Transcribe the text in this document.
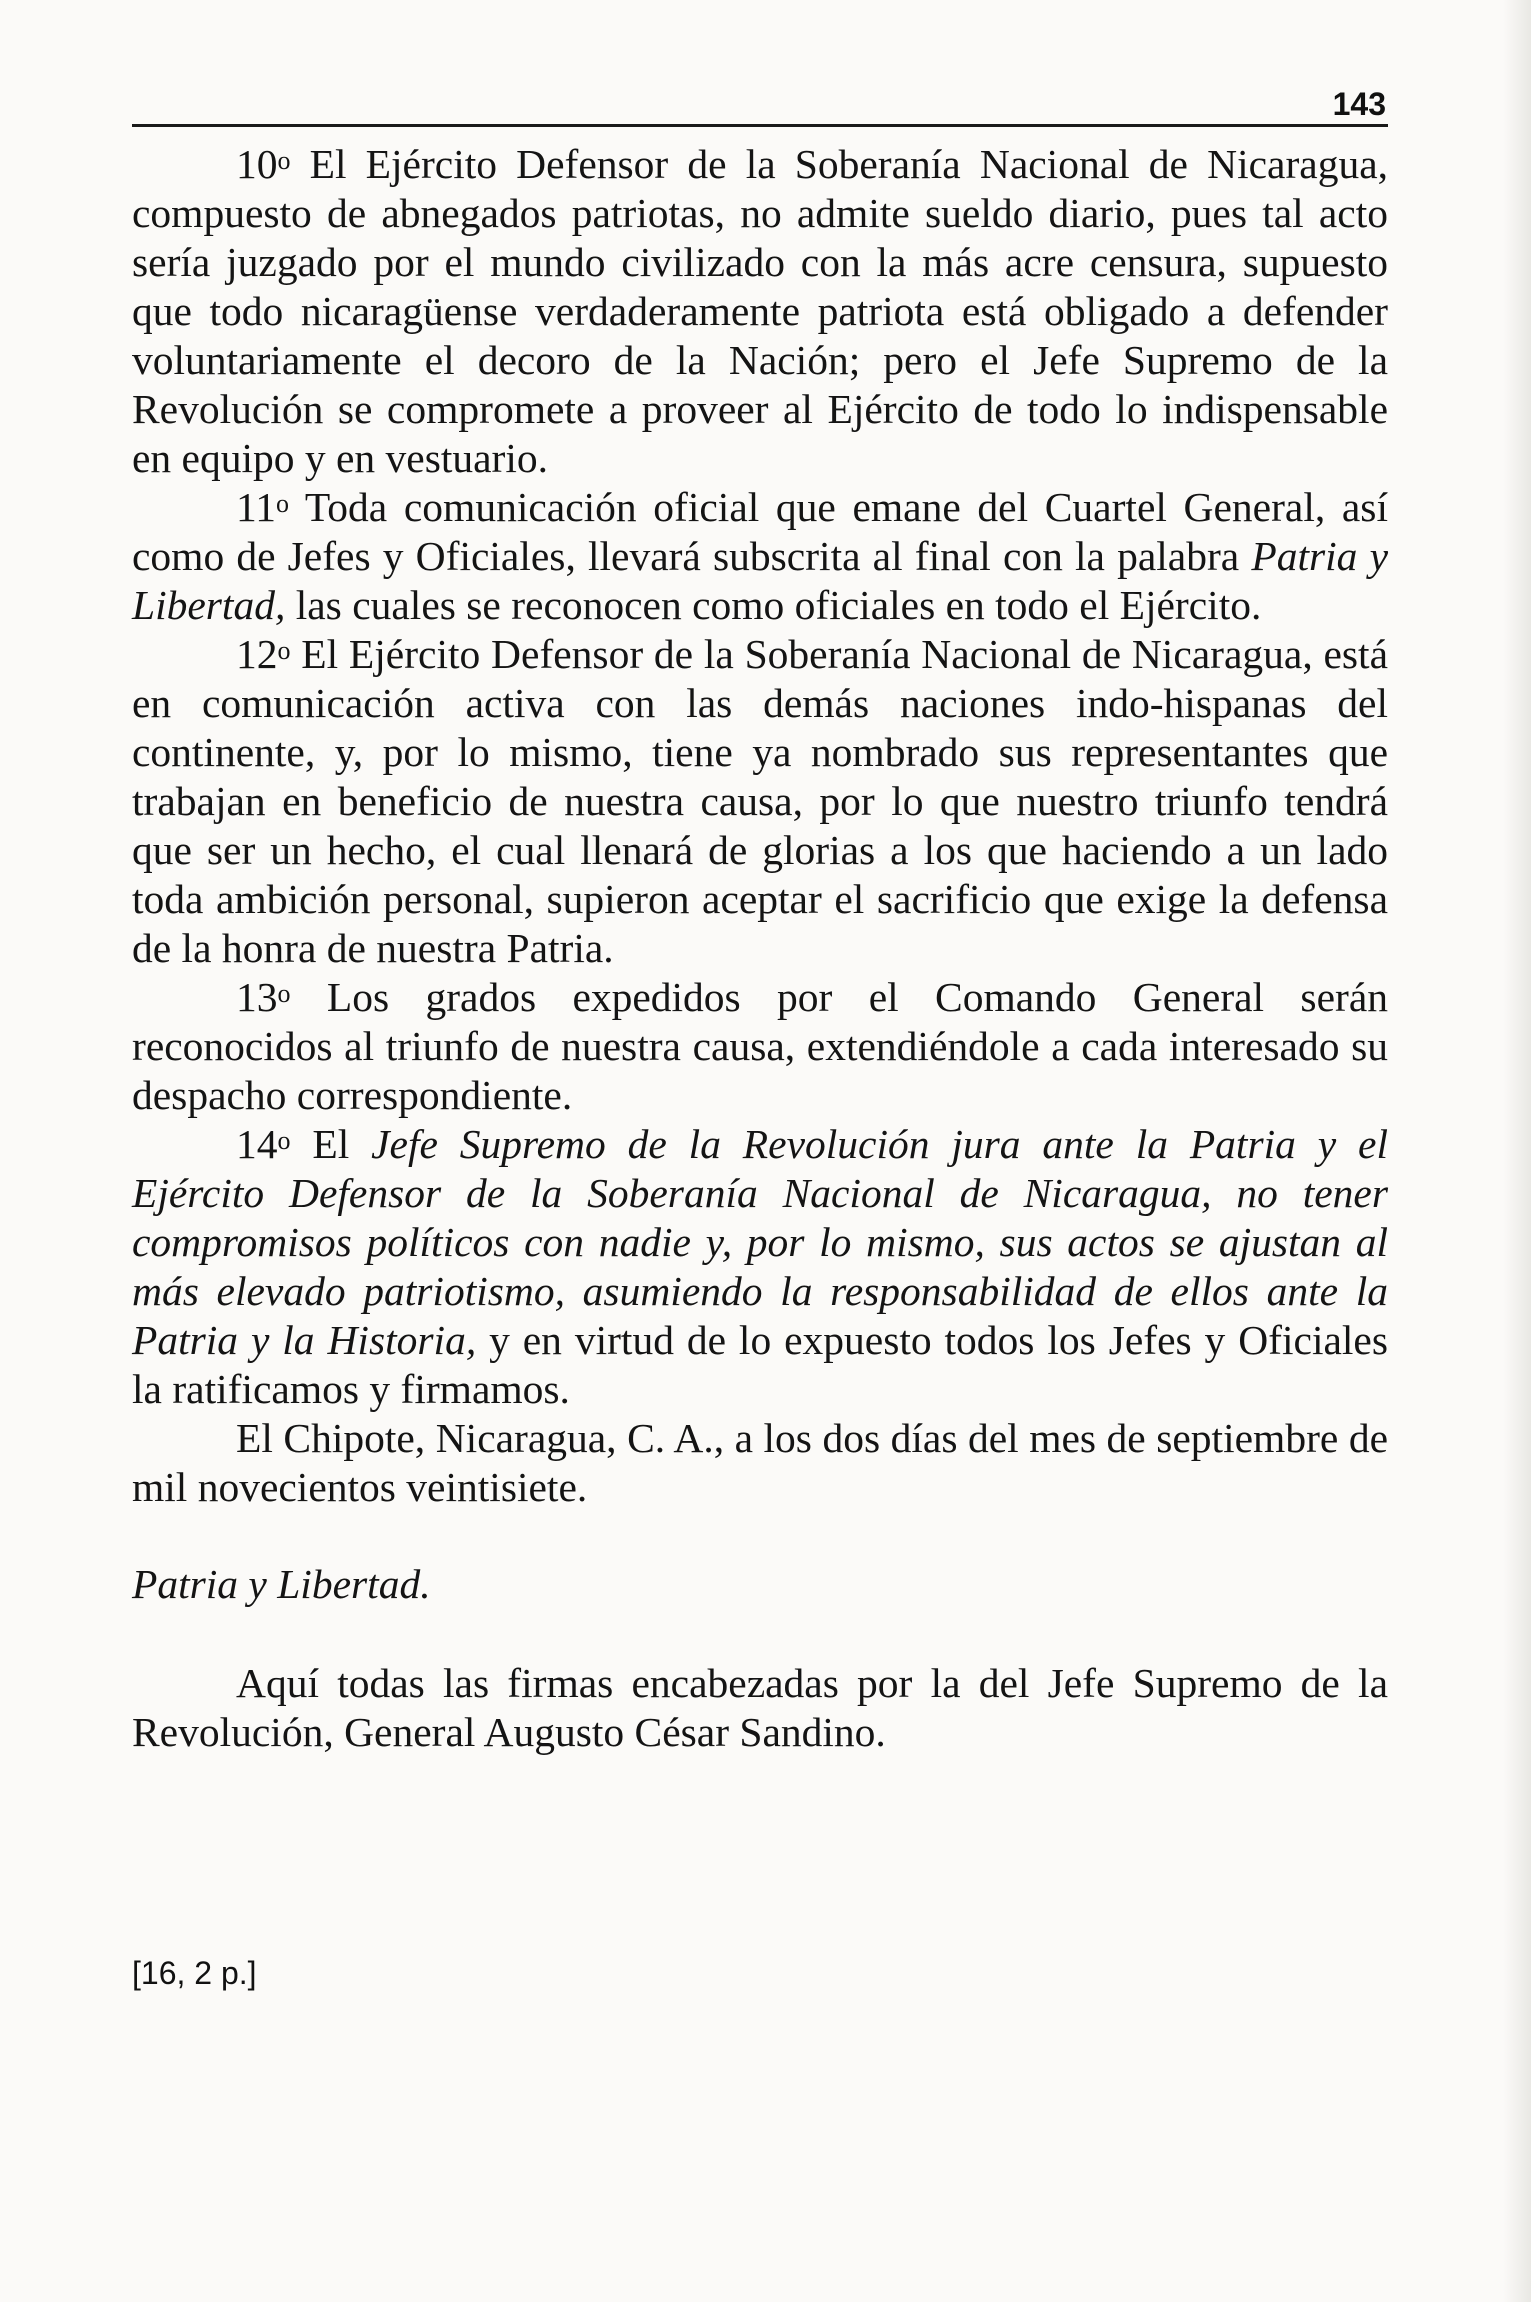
143

10$^o$ El Ejército Defensor de la Soberanía Nacional de Nicaragua, compuesto de abnegados patriotas, no admite sueldo diario, pues tal acto sería juzgado por el mundo civilizado con la más acre censura, supuesto que todo nicaragüense verdaderamente patriota está obligado a defender voluntariamente el decoro de la Nación; pero el Jefe Supremo de la Revolución se compromete a proveer al Ejército de todo lo indispensable en equipo y en vestuario.

11$^o$ Toda comunicación oficial que emane del Cuartel General, así como de Jefes y Oficiales, llevará subscrita al final con la palabra Patria y Libertad, las cuales se reconocen como oficiales en todo el Ejército.

12$^o$ El Ejército Defensor de la Soberanía Nacional de Nicaragua, está en comunicación activa con las demás naciones indo-hispanas del continente, y, por lo mismo, tiene ya nombrado sus representantes que trabajan en beneficio de nuestra causa, por lo que nuestro triunfo tendrá que ser un hecho, el cual llenará de glorias a los que haciendo a un lado toda ambición personal, supieron aceptar el sacrificio que exige la defensa de la honra de nuestra Patria.

13$^o$ Los grados expedidos por el Comando General serán reconocidos al triunfo de nuestra causa, extendiéndole a cada interesado su despacho correspondiente.

14$^o$ El Jefe Supremo de la Revolución jura ante la Patria y el Ejército Defensor de la Soberanía Nacional de Nicaragua, no tener compromisos políticos con nadie y, por lo mismo, sus actos se ajustan al más elevado patriotismo, asumiendo la responsabilidad de ellos ante la Patria y la Historia, y en virtud de lo expuesto todos los Jefes y Oficiales la ratificamos y firmamos.

El Chipote, Nicaragua, C. A., a los dos días del mes de septiembre de mil novecientos veintisiete.

Patria y Libertad.

Aquí todas las firmas encabezadas por la del Jefe Supremo de la Revolución, General Augusto César Sandino.

[16, 2 p.]
